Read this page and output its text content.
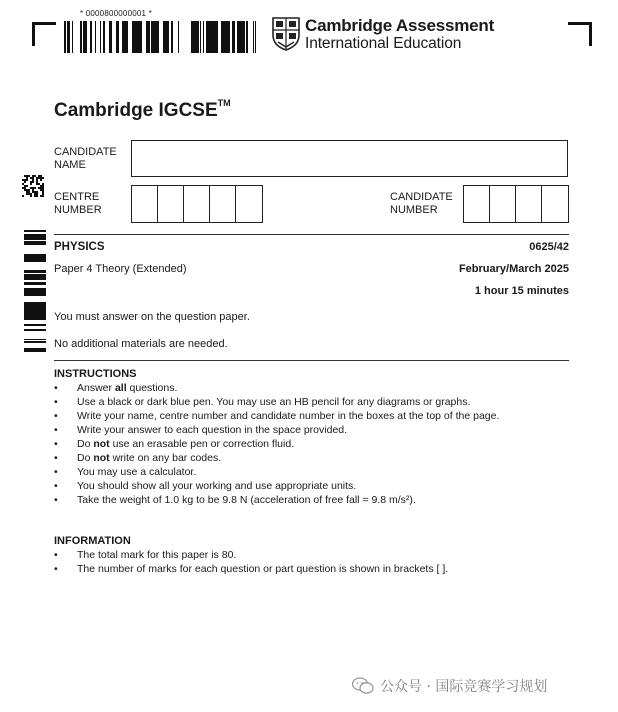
* 0000800000001 *
Cambridge Assessment
International Education
Cambridge IGCSE™
CANDIDATE
NAME
CENTRE
NUMBER
CANDIDATE
NUMBER
PHYSICS	0625/42
Paper 4 Theory (Extended)	February/March 2025
1 hour 15 minutes
You must answer on the question paper.
No additional materials are needed.
INSTRUCTIONS
• Answer all questions.
• Use a black or dark blue pen. You may use an HB pencil for any diagrams or graphs.
• Write your name, centre number and candidate number in the boxes at the top of the page.
• Write your answer to each question in the space provided.
• Do not use an erasable pen or correction fluid.
• Do not write on any bar codes.
• You may use a calculator.
• You should show all your working and use appropriate units.
• Take the weight of 1.0 kg to be 9.8 N (acceleration of free fall = 9.8 m/s²).
INFORMATION
• The total mark for this paper is 80.
• The number of marks for each question or part question is shown in brackets [ ].
公众号 · 国际竞赛学习规划
